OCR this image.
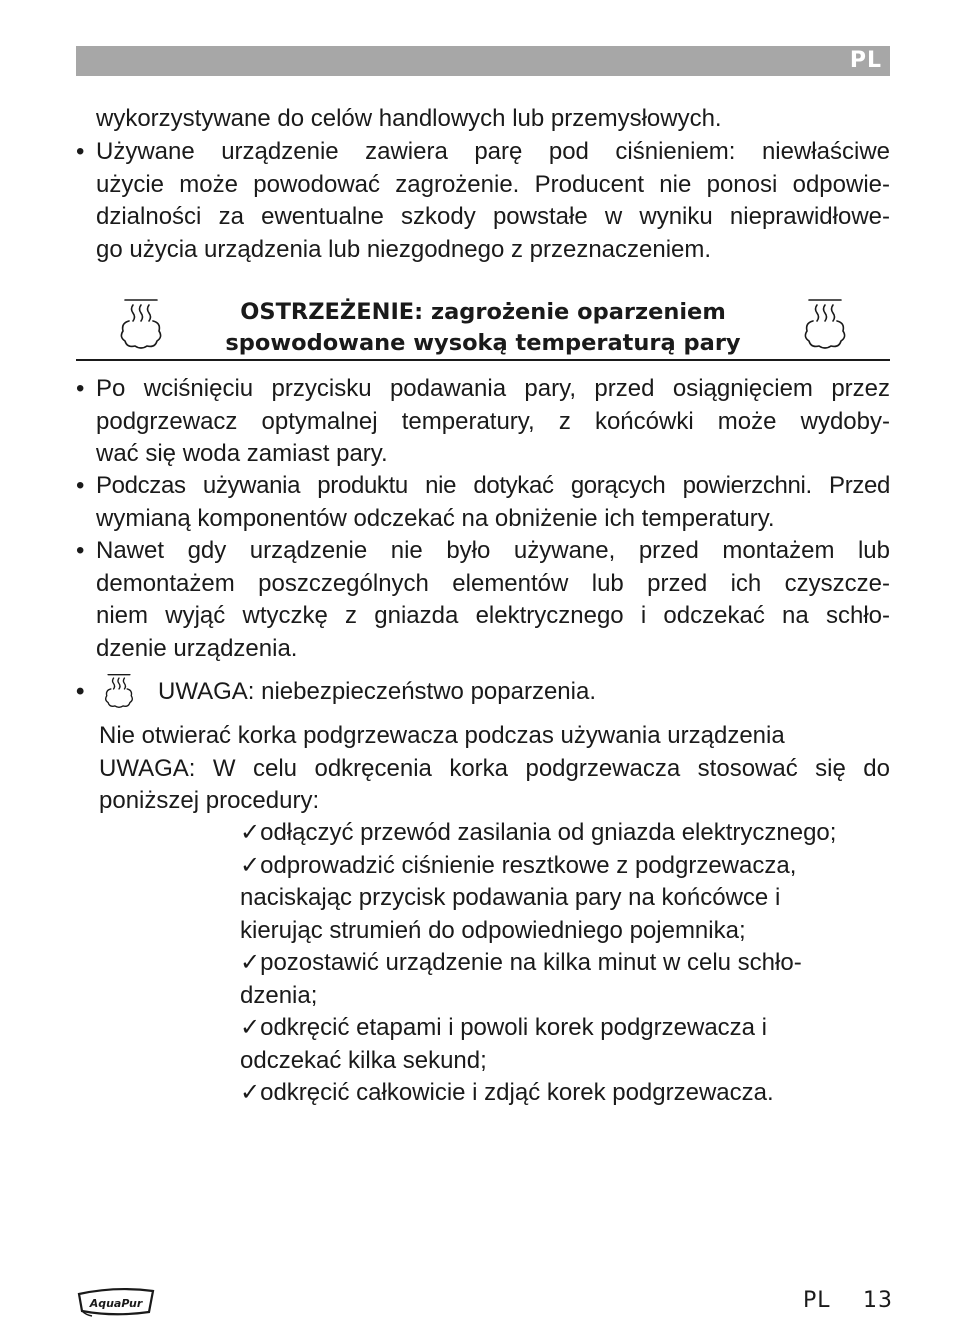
PL
wykorzystywane do celów handlowych lub przemysłowych.
• Używane urządzenie zawiera parę pod ciśnieniem: niewłaściwe
użycie może powodować zagrożenie. Producent nie ponosi odpowie-
dzialności za ewentualne szkody powstałe w wyniku nieprawidłowe-
go użycia urządzenia lub niezgodnego z przeznaczeniem.
OSTRZEŻENIE: zagrożenie oparzeniem
spowodowane wysoką temperaturą pary
• Po wciśnięciu przycisku podawania pary, przed osiągnięciem przez
podgrzewacz optymalnej temperatury, z końcówki może wydoby-
wać się woda zamiast pary.
• Podczas używania produktu nie dotykać gorących powierzchni. Przed
wymianą komponentów odczekać na obniżenie ich temperatury.
• Nawet gdy urządzenie nie było używane, przed montażem lub
demontażem poszczególnych elementów lub przed ich czyszcze-
niem wyjąć wtyczkę z gniazda elektrycznego i odczekać na schło-
dzenie urządzenia.
•	UWAGA: niebezpieczeństwo poparzenia.
Nie otwierać korka podgrzewacza podczas używania urządzenia
UWAGA: W celu odkręcenia korka podgrzewacza stosować się do
poniższej procedury:
✓odłączyć przewód zasilania od gniazda elektrycznego;
✓odprowadzić ciśnienie resztkowe z podgrzewacza,
naciskając przycisk podawania pary na końcówce i
kierując strumień do odpowiedniego pojemnika;
✓pozostawić urządzenie na kilka minut w celu schło-
dzenia;
✓odkręcić etapami i powoli korek podgrzewacza i
odczekać kilka sekund;
✓odkręcić całkowicie i zdjąć korek podgrzewacza.
AquaPur	PL 13
